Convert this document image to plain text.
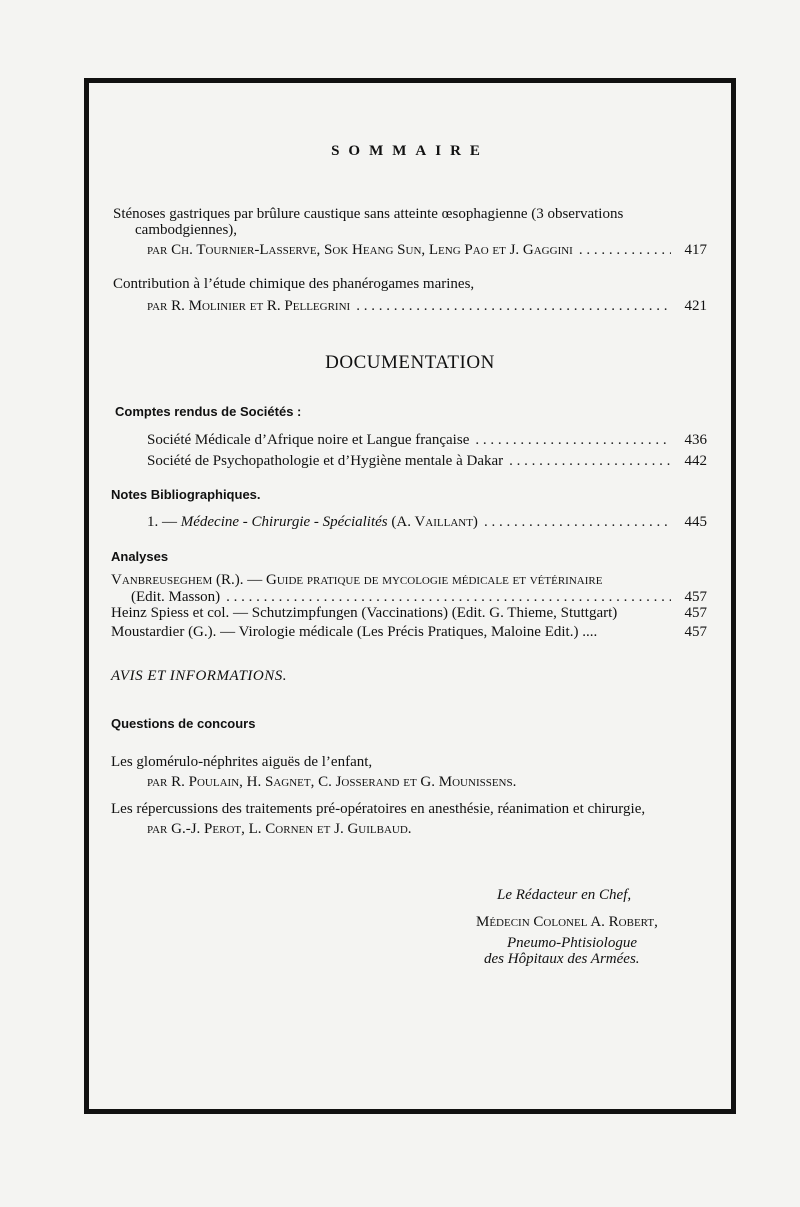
SOMMAIRE
Sténoses gastriques par brûlure caustique sans atteinte œsophagienne (3 observations
cambodgiennes),
par Ch. Tournier-Lasserve, Sok Heang Sun, Leng Pao et J. Gaggini . . .	417
Contribution à l’étude chimique des phanérogames marines,
par R. Molinier et R. Pellegrini . . .	421
DOCUMENTATION
Comptes rendus de Sociétés :
Société Médicale d’Afrique noire et Langue française . . .	436
Société de Psychopathologie et d’Hygiène mentale à Dakar . . .	442
Notes Bibliographiques.
1. — Médecine - Chirurgie - Spécialités (A. Vaillant) . . .	445
Analyses
Vanbreuseghem (R.). — Guide pratique de mycologie médicale et vétérinaire
(Edit. Masson) . . .	457
Heinz Spiess et col. — Schutzimpfungen (Vaccinations) (Edit. G. Thieme, Stuttgart)	457
Moustardier (G.). — Virologie médicale (Les Précis Pratiques, Maloine Edit.) ....	457
AVIS ET INFORMATIONS.
Questions de concours
Les glomérulo-néphrites aiguës de l’enfant,
par R. Poulain, H. Sagnet, C. Josserand et G. Mounissens.
Les répercussions des traitements pré-opératoires en anesthésie, réanimation et chirurgie,
par G.-J. Perot, L. Cornen et J. Guilbaud.
Le Rédacteur en Chef,
Médecin Colonel A. Robert,
Pneumo-Phtisiologue
des Hôpitaux des Armées.
